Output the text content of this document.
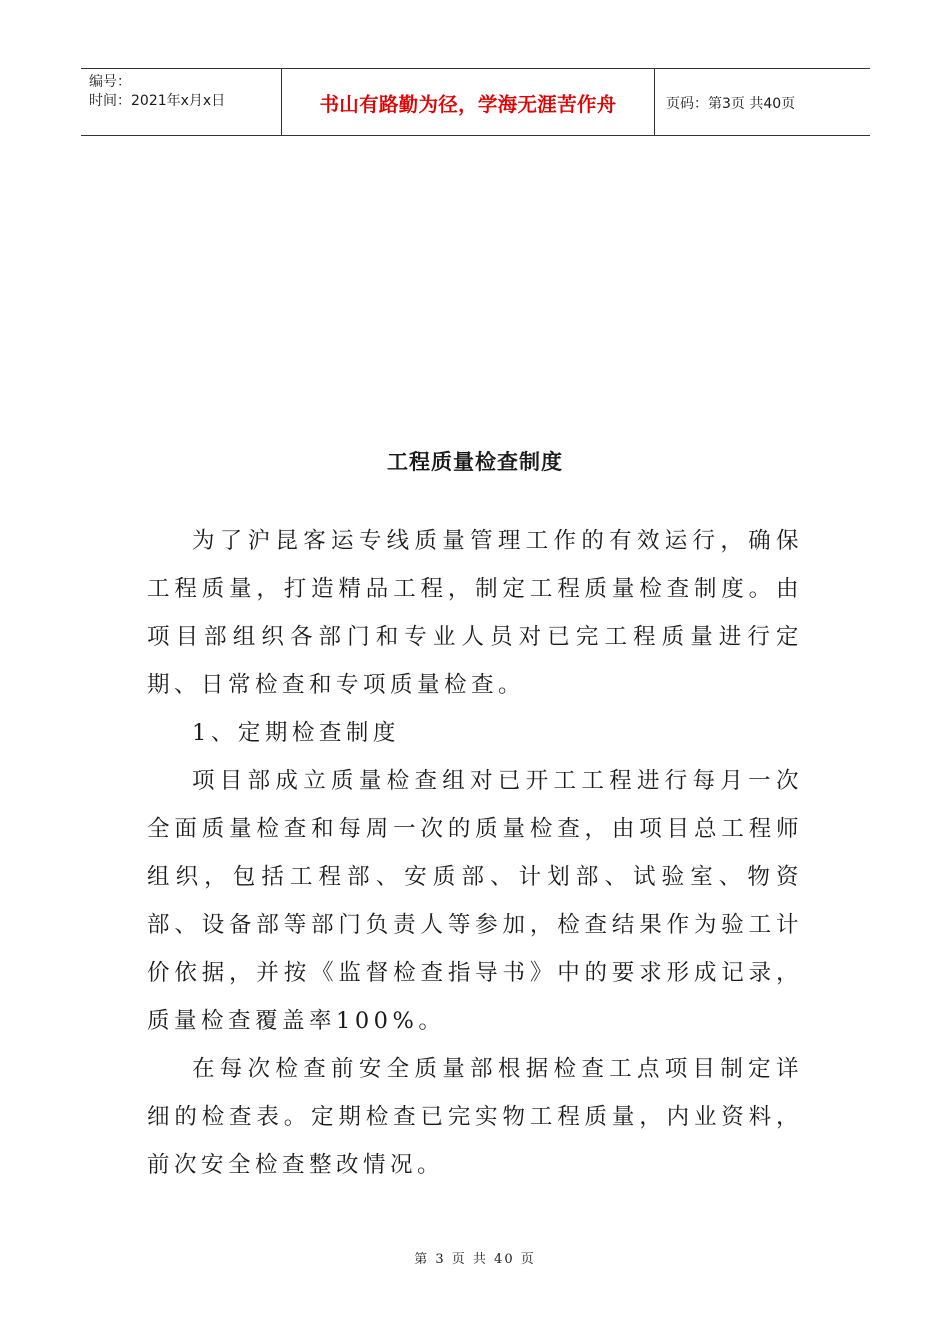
编号：
时间：2021年x月x日	书山有路勤为径，学海无涯苦作舟	页码：第3页 共40页
工程质量检查制度

为了沪昆客运专线质量管理工作的有效运行，确保工程质量，打造精品工程，制定工程质量检查制度。由项目部组织各部门和专业人员对已完工程质量进行定期、日常检查和专项质量检查。

1、定期检查制度

项目部成立质量检查组对已开工工程进行每月一次全面质量检查和每周一次的质量检查，由项目总工程师组织，包括工程部、安质部、计划部、试验室、物资部、设备部等部门负责人等参加，检查结果作为验工计价依据，并按《监督检查指导书》中的要求形成记录，质量检查覆盖率100%。

在每次检查前安全质量部根据检查工点项目制定详细的检查表。定期检查已完实物工程质量，内业资料，前次安全检查整改情况。

第 3 页 共 40 页
